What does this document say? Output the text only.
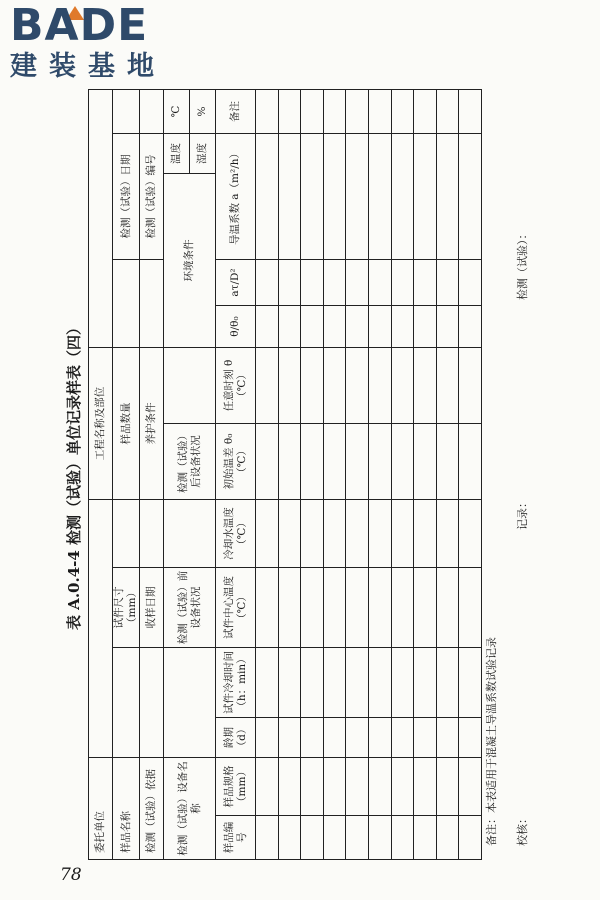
BADE
建装基地
表 A.0.4-4 检测（试验）单位记录样表（四）
委托单位						工程名称及部位						
样品名称				试件尺寸（mm）		样品数量				检测（试验）日期		
检测（试验）依据				收样日期		养护条件				检测（试验）编号		
检测（试验）设备名称				检测（试验）前设备状况		检测（试验）后设备状况		环境条件			温度	℃
											湿度	%
样品编号	样品规格（mm）	龄期（d）	试件冷却时间（h：min）	试件中心温度（℃）	冷却水温度（℃）	初始温差 θ₀（℃）	任意时刻 θ（℃）	θ/θ₀	aτ/D²	导温系数 a（m²/h）		备注

备注：本表适用于混凝土导温系数试验记录 校核：
记录：
检测（试验）：
78
